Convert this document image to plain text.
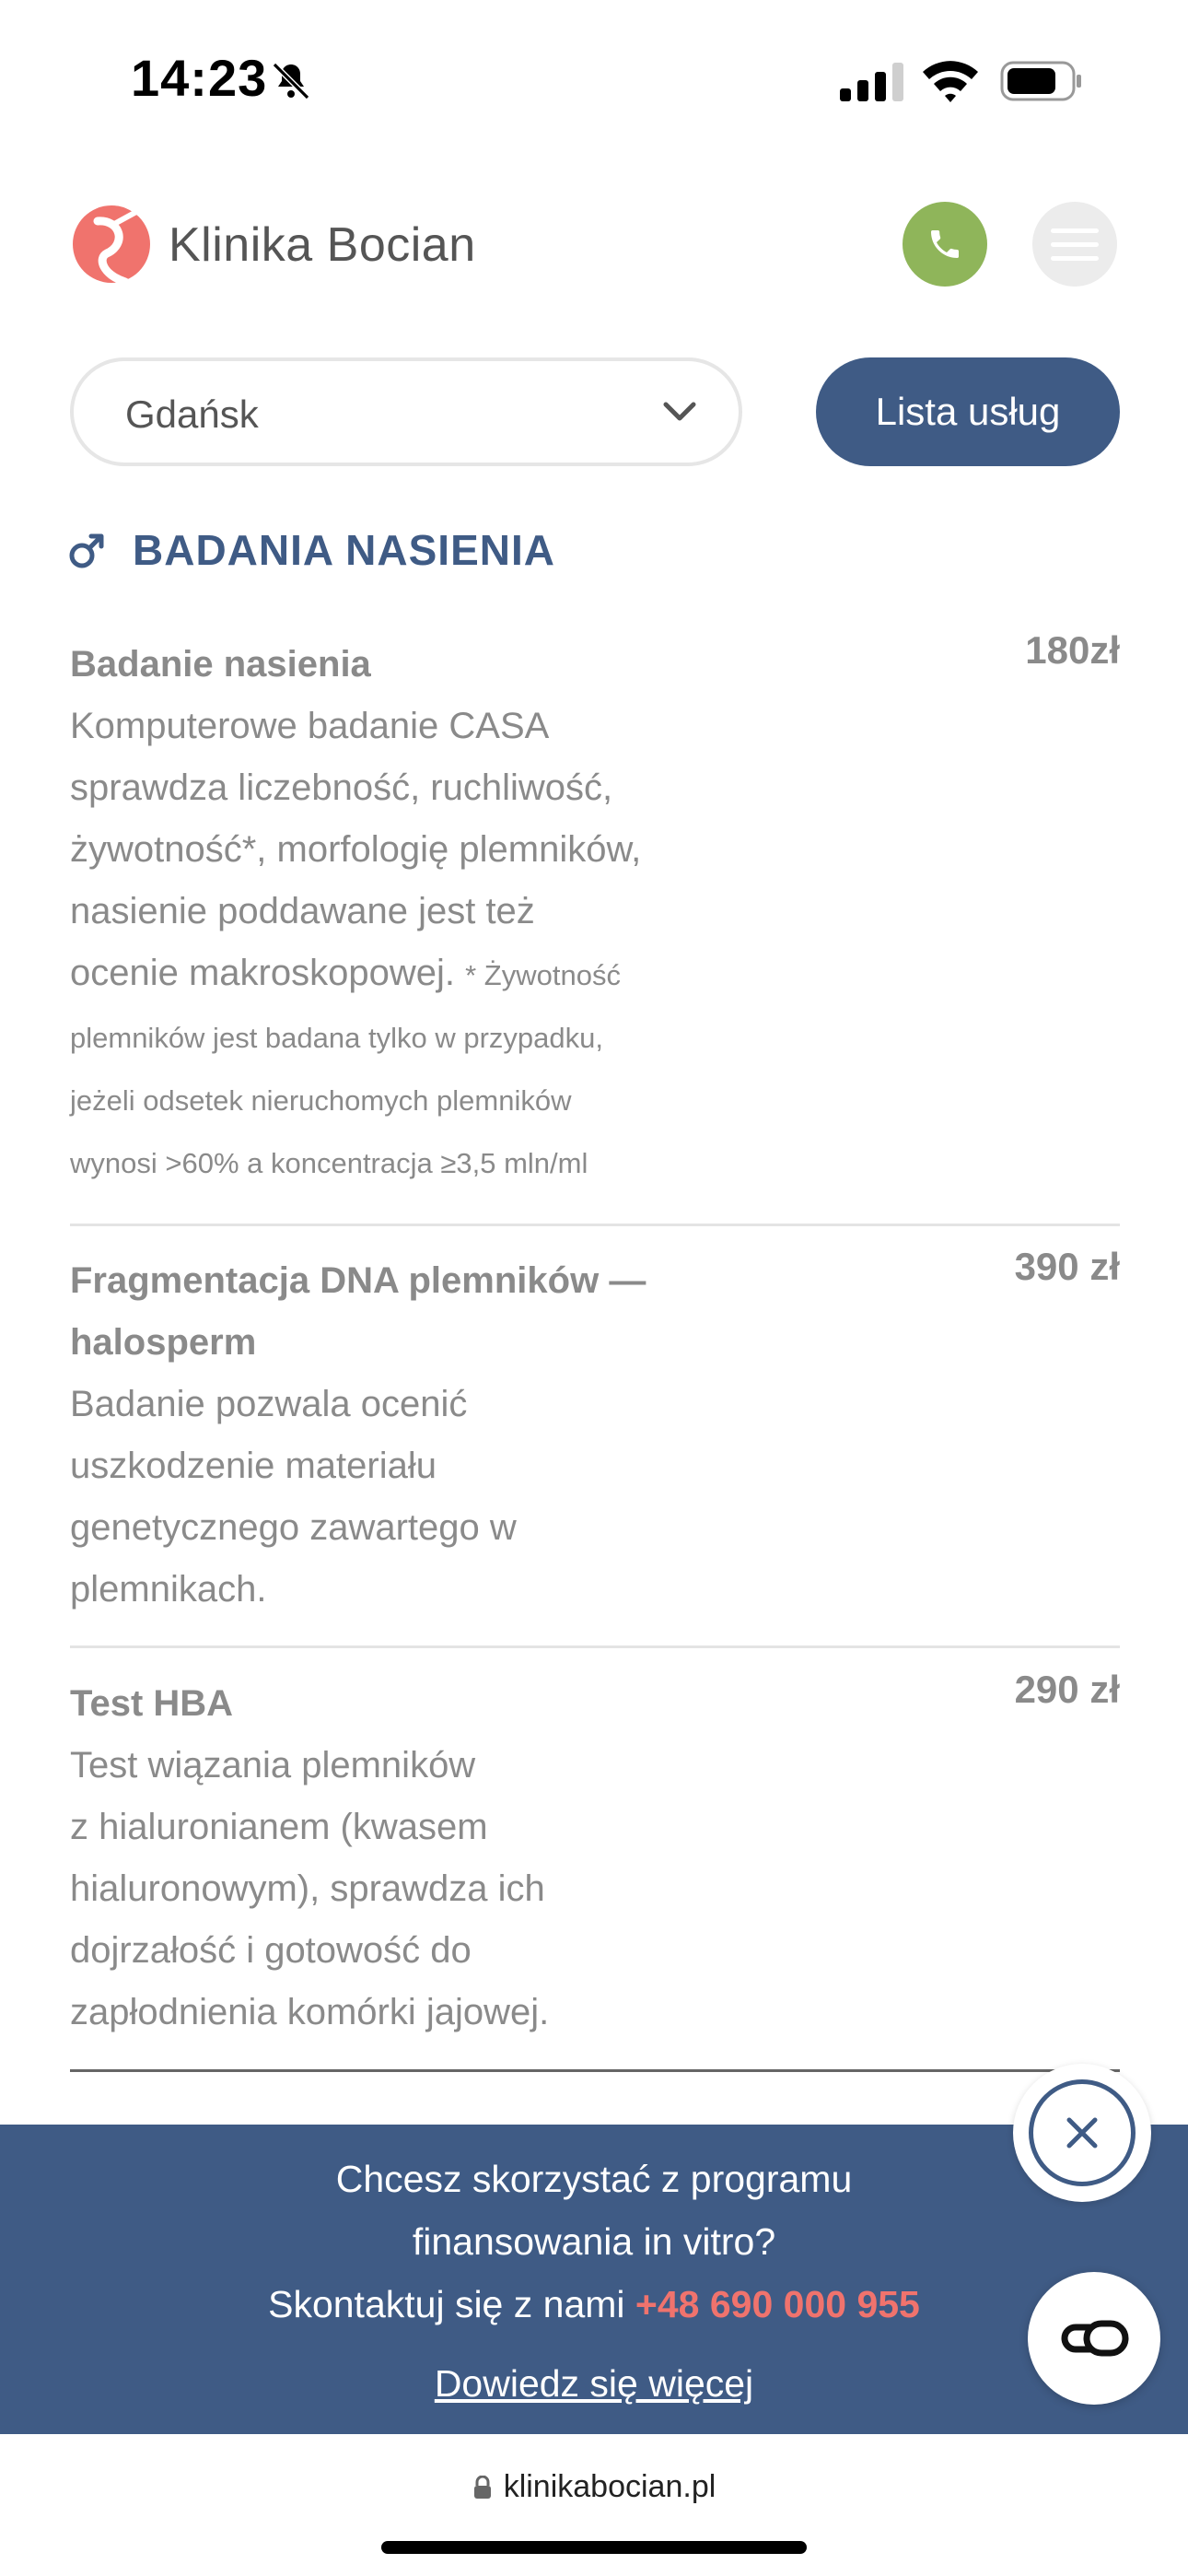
14:23
Klinika Bocian
Gdańsk	Lista usług
BADANIA NASIENIA
Badanie nasienia	180zł
Komputerowe badanie CASA
sprawdza liczebność, ruchliwość,
żywotność*, morfologię plemników,
nasienie poddawane jest też
ocenie makroskopowej. * Żywotność
plemników jest badana tylko w przypadku,
jeżeli odsetek nieruchomych plemników
wynosi >60% a koncentracja ≥3,5 mln/ml
Fragmentacja DNA plemników —
halosperm
390 zł
Badanie pozwala ocenić
uszkodzenie materiału
genetycznego zawartego w
plemnikach.
Test HBA	290 zł
Test wiązania plemników
z hialuronianem (kwasem
hialuronowym), sprawdza ich
dojrzałość i gotowość do
zapłodnienia komórki jajowej.
Chcesz skorzystać z programu
finansowania in vitro?
Skontaktuj się z nami +48 690 000 955
Dowiedz się więcej
klinikabocian.pl
